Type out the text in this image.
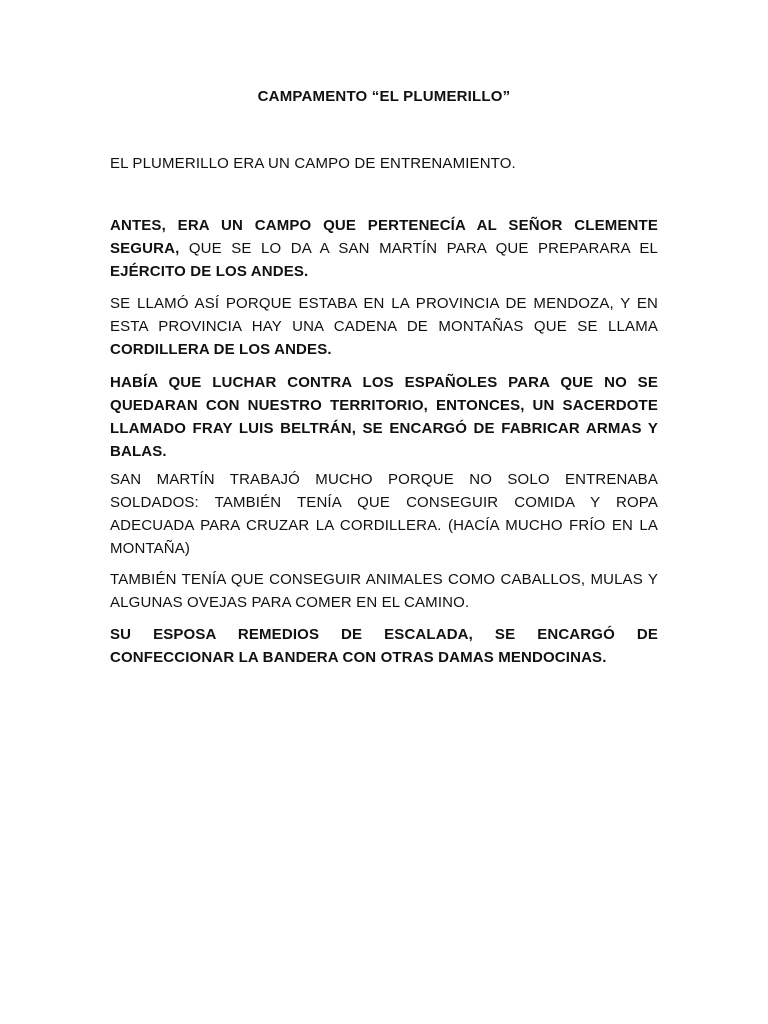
CAMPAMENTO “EL PLUMERILLO”

EL PLUMERILLO ERA UN CAMPO DE ENTRENAMIENTO.

ANTES, ERA UN CAMPO QUE PERTENECÍA AL SEÑOR CLEMENTE SEGURA, QUE SE LO DA A SAN MARTÍN PARA QUE PREPARARA EL EJÉRCITO DE LOS ANDES.

SE LLAMÓ ASÍ PORQUE ESTABA EN LA PROVINCIA DE MENDOZA, Y EN ESTA PROVINCIA HAY UNA CADENA DE MONTAÑAS QUE SE LLAMA CORDILLERA DE LOS ANDES.

HABÍA QUE LUCHAR CONTRA LOS ESPAÑOLES PARA QUE NO SE QUEDARAN CON NUESTRO TERRITORIO, ENTONCES, UN SACERDOTE LLAMADO FRAY LUIS BELTRÁN, SE ENCARGÓ DE FABRICAR ARMAS Y BALAS.

SAN MARTÍN TRABAJÓ MUCHO PORQUE NO SOLO ENTRENABA SOLDADOS: TAMBIÉN TENÍA QUE CONSEGUIR COMIDA Y ROPA ADECUADA PARA CRUZAR LA CORDILLERA. (HACÍA MUCHO FRÍO EN LA MONTAÑA)

TAMBIÉN TENÍA QUE CONSEGUIR ANIMALES COMO CABALLOS, MULAS Y ALGUNAS OVEJAS PARA COMER EN EL CAMINO.

SU ESPOSA REMEDIOS DE ESCALADA, SE ENCARGÓ DE CONFECCIONAR LA BANDERA CON OTRAS DAMAS MENDOCINAS.
